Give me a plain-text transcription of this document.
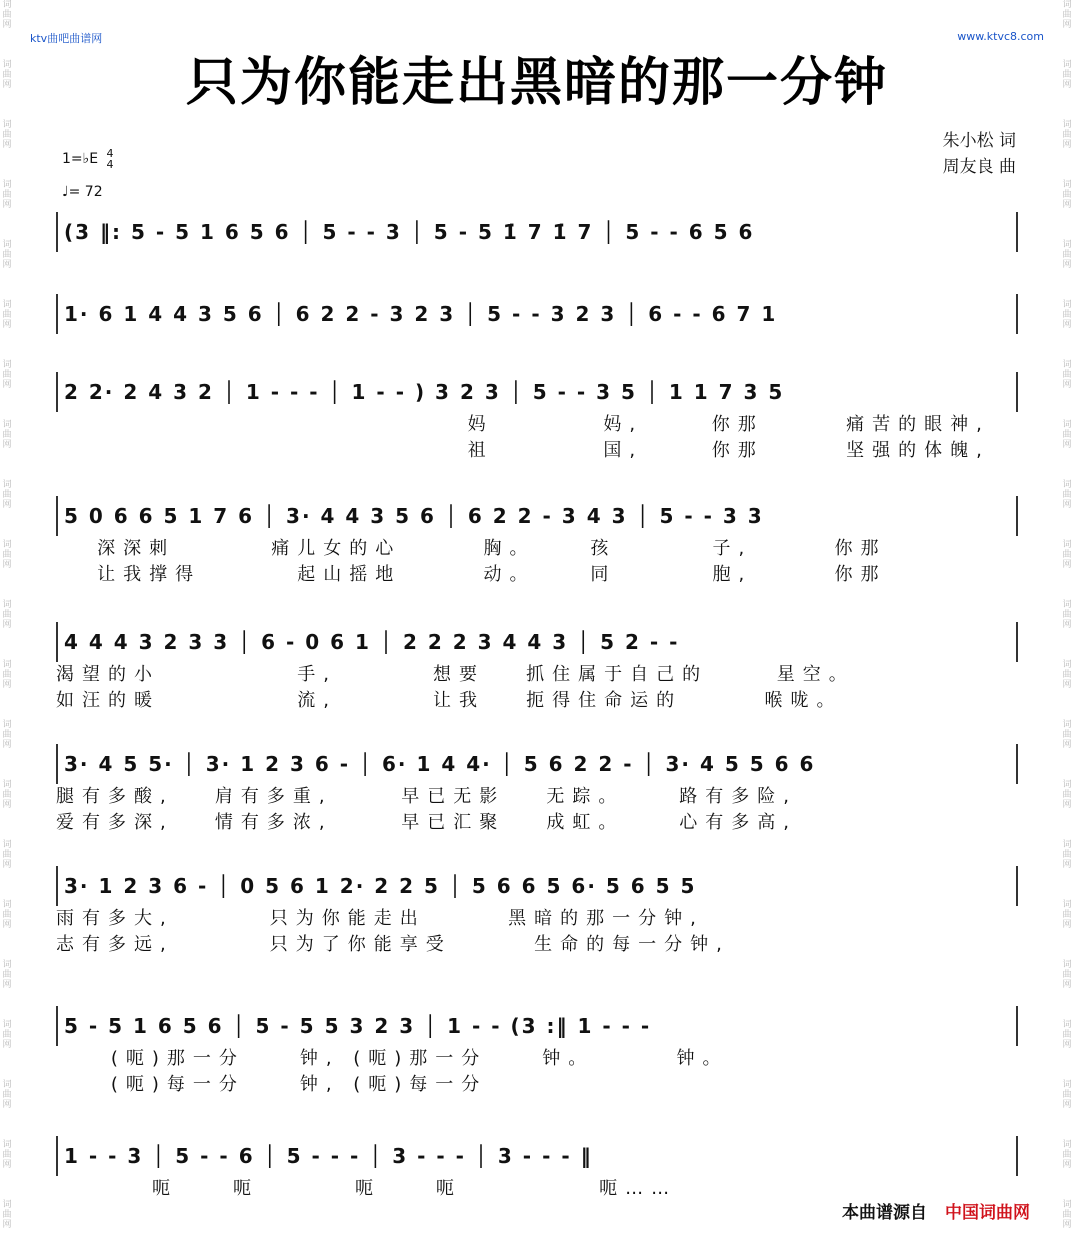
词
曲
网
词
曲
网
词
曲
网
词
曲
网
词
曲
网
词
曲
网
词
曲
网
词
曲
网
词
曲
网
词
曲
网
词
曲
网
词
曲
网
词
曲
网
词
曲
网
词
曲
网
词
曲
网
词
曲
网
词
曲
网
词
曲
网
词
曲
网
词
曲
网
词
曲
网
词
曲
网
词
曲
网
词
曲
网
词
曲
网
词
曲
网
词
曲
网
词
曲
网
词
曲
网
词
曲
网
词
曲
网
词
曲
网
词
曲
网
词
曲
网
词
曲
网
词
曲
网
词
曲
网
词
曲
网
词
曲
网
词
曲
网
词
曲
网
ktv曲吧曲谱网	www.ktvc8.com
只为你能走出黑暗的那一分钟
朱小松 词
周友良 曲
1=♭E 4
4
♩= 72
(3 ‖: 5 - 5 1 6 5 6 │ 5 - - 3 │ 5 - 5 1̇ 7 1̇ 7 │ 5 - - 6 5 6
1· 6 1 4 4 3 5 6 │ 6 2 2 - 3 2 3 │ 5 - - 3 2 3 │ 6 - - 6 7 1
2 2· 2 4 3 2 │ 1 - - - │ 1 - - ) 3 2 3 │ 5 - - 3 5 │ 1 1 7 3 5
妈        妈,     你那      痛苦的眼神,
祖        国,     你那      坚强的体魄,
5 0 6 6 5 1 7 6 │ 3· 4 4 3 5 6 │ 6 2 2 - 3 4 3 │ 5 - - 3 3
深深刺       痛儿女的心      胸。    孩       子,      你那
让我撑得       起山摇地      动。    同       胞,      你那
4 4 4 3 2 3 3 │ 6 - 0 6 1 │ 2 2 2 3 4 4 3 │ 5 2 - -
渴望的小          手,       想要   抓住属于自己的     星空。
如汪的暖          流,       让我   扼得住命运的      喉咙。
3· 4 5 5· │ 3· 1 2 3 6 - │ 6· 1 4 4· │ 5 6 2 2 - │ 3· 4 5 5 6 6
腿有多酸,   肩有多重,     早已无影   无踪。    路有多险,
爱有多深,   情有多浓,     早已汇聚   成虹。    心有多高,
3· 1 2 3 6 - │ 0 5 6 1 2· 2 2 5 │ 5 6 6 5 6· 5 6 5 5
雨有多大,       只为你能走出      黑暗的那一分钟,
志有多远,       只为了你能享受      生命的每一分钟,
5 - 5 1 6 5 6 │ 5 - 5 5 3 2 3 │ 1 - - (3 :‖ 1 - - -
(呃)那一分    钟, (呃)那一分    钟。      钟。
(呃)每一分    钟, (呃)每一分
1 - - 3 │ 5 - - 6 │ 5 - - - │ 3 - - - │ 3 - - - ‖
呃    呃       呃    呃          呃……
本曲谱源自 中国词曲网
